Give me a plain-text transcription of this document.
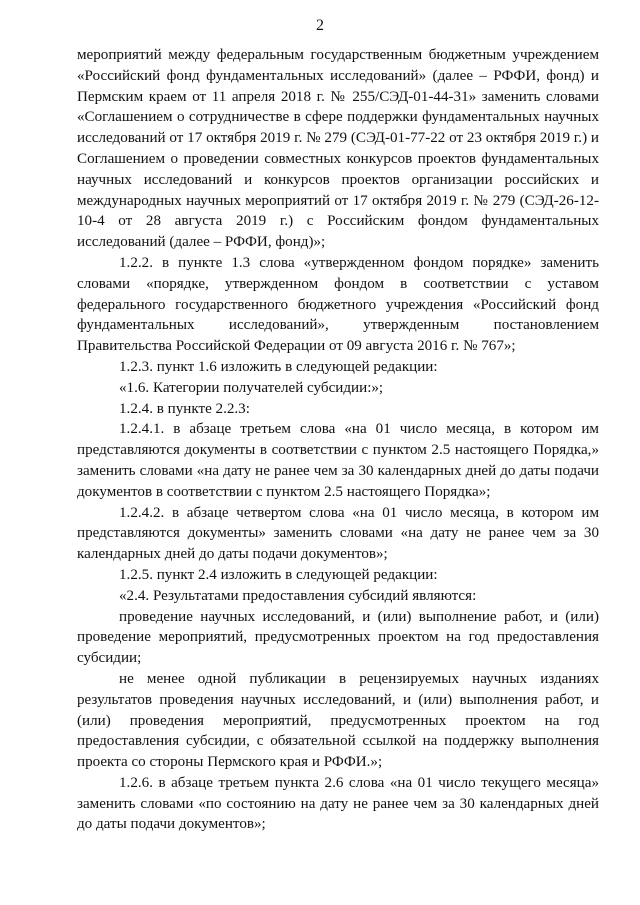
2

мероприятий между федеральным государственным бюджетным учреждением «Российский фонд фундаментальных исследований» (далее – РФФИ, фонд) и Пермским краем от 11 апреля 2018 г. № 255/СЭД-01-44-31» заменить словами «Соглашением о сотрудничестве в сфере поддержки фундаментальных научных исследований от 17 октября 2019 г. № 279 (СЭД-01-77-22 от 23 октября 2019 г.) и Соглашением о проведении совместных конкурсов проектов фундаментальных научных исследований и конкурсов проектов организации российских и международных научных мероприятий от 17 октября 2019 г. № 279 (СЭД-26-12-10-4 от 28 августа 2019 г.) с Российским фондом фундаментальных исследований (далее – РФФИ, фонд)»;

1.2.2. в пункте 1.3 слова «утвержденном фондом порядке» заменить словами «порядке, утвержденном фондом в соответствии с уставом федерального государственного бюджетного учреждения «Российский фонд фундаментальных исследований», утвержденным постановлением Правительства Российской Федерации от 09 августа 2016 г. № 767»;

1.2.3. пункт 1.6 изложить в следующей редакции:

«1.6. Категории получателей субсидии:»;

1.2.4. в пункте 2.2.3:

1.2.4.1. в абзаце третьем слова «на 01 число месяца, в котором им представляются документы в соответствии с пунктом 2.5 настоящего Порядка,» заменить словами «на дату не ранее чем за 30 календарных дней до даты подачи документов в соответствии с пунктом 2.5 настоящего Порядка»;

1.2.4.2. в абзаце четвертом слова «на 01 число месяца, в котором им представляются документы» заменить словами «на дату не ранее чем за 30 календарных дней до даты подачи документов»;

1.2.5. пункт 2.4 изложить в следующей редакции:

«2.4. Результатами предоставления субсидий являются:

проведение научных исследований, и (или) выполнение работ, и (или) проведение мероприятий, предусмотренных проектом на год предоставления субсидии;

не менее одной публикации в рецензируемых научных изданиях результатов проведения научных исследований, и (или) выполнения работ, и (или) проведения мероприятий, предусмотренных проектом на год предоставления субсидии, с обязательной ссылкой на поддержку выполнения проекта со стороны Пермского края и РФФИ.»;

1.2.6. в абзаце третьем пункта 2.6 слова «на 01 число текущего месяца» заменить словами «по состоянию на дату не ранее чем за 30 календарных дней до даты подачи документов»;
